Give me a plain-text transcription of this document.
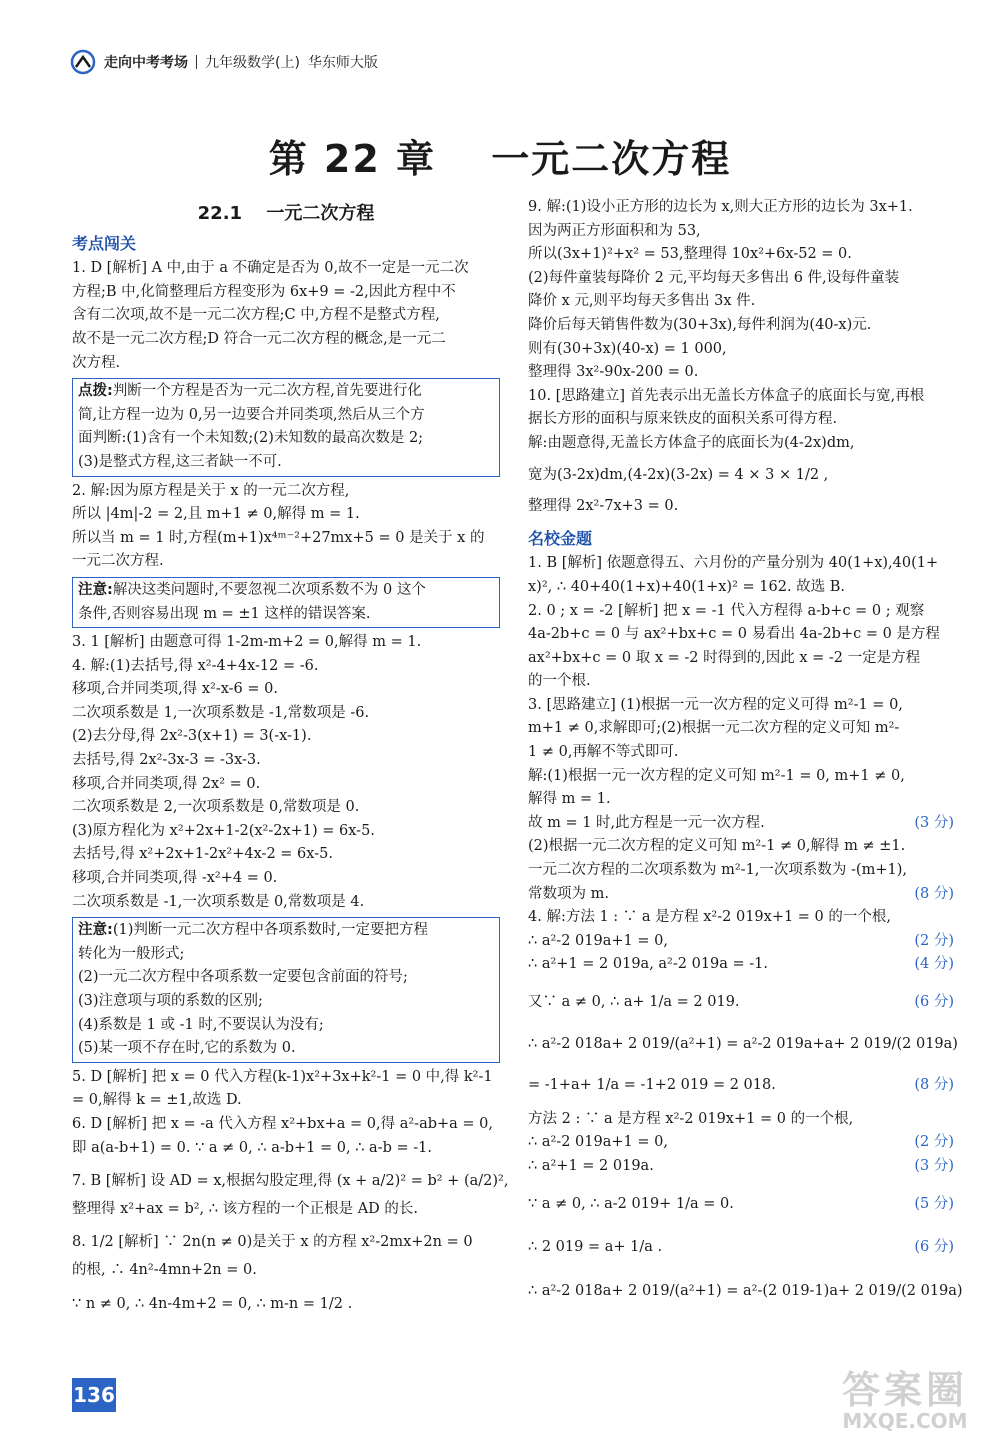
走向中考考场 九年级数学(上) 华东师大版
第 22 章 一元二次方程
22.1 一元二次方程
考点闯关
1. D [解析] A 中,由于 a 不确定是否为 0,故不一定是一元二次
方程;B 中,化简整理后方程变形为 6x+9 = -2,因此方程中不
含有二次项,故不是一元二次方程;C 中,方程不是整式方程,
故不是一元二次方程;D 符合一元二次方程的概念,是一元二
次方程.
点拨:判断一个方程是否为一元二次方程,首先要进行化
简,让方程一边为 0,另一边要合并同类项,然后从三个方
面判断:(1)含有一个未知数;(2)未知数的最高次数是 2;
(3)是整式方程,这三者缺一不可.
2. 解:因为原方程是关于 x 的一元二次方程,
所以 |4m|-2 = 2,且 m+1 ≠ 0,解得 m = 1.
所以当 m = 1 时,方程(m+1)x⁴ᵐ⁻²+27mx+5 = 0 是关于 x 的
一元二次方程.
注意:解决这类问题时,不要忽视二次项系数不为 0 这个
条件,否则容易出现 m = ±1 这样的错误答案.
3. 1 [解析] 由题意可得 1-2m-m+2 = 0,解得 m = 1.
4. 解:(1)去括号,得 x²-4+4x-12 = -6.
移项,合并同类项,得 x²-x-6 = 0.
二次项系数是 1,一次项系数是 -1,常数项是 -6.
(2)去分母,得 2x²-3(x+1) = 3(-x-1).
去括号,得 2x²-3x-3 = -3x-3.
移项,合并同类项,得 2x² = 0.
二次项系数是 2,一次项系数是 0,常数项是 0.
(3)原方程化为 x²+2x+1-2(x²-2x+1) = 6x-5.
去括号,得 x²+2x+1-2x²+4x-2 = 6x-5.
移项,合并同类项,得 -x²+4 = 0.
二次项系数是 -1,一次项系数是 0,常数项是 4.
注意:(1)判断一元二次方程中各项系数时,一定要把方程
转化为一般形式;
(2)一元二次方程中各项系数一定要包含前面的符号;
(3)注意项与项的系数的区别;
(4)系数是 1 或 -1 时,不要误认为没有;
(5)某一项不存在时,它的系数为 0.
5. D [解析] 把 x = 0 代入方程(k-1)x²+3x+k²-1 = 0 中,得 k²-1
= 0,解得 k = ±1,故选 D.
6. D [解析] 把 x = -a 代入方程 x²+bx+a = 0,得 a²-ab+a = 0,
即 a(a-b+1) = 0. ∵ a ≠ 0, ∴ a-b+1 = 0, ∴ a-b = -1.
7. B [解析] 设 AD = x,根据勾股定理,得 (x + a/2)² = b² + (a/2)²,
整理得 x²+ax = b², ∴ 该方程的一个正根是 AD 的长.
8. 1/2 [解析] ∵ 2n(n ≠ 0)是关于 x 的方程 x²-2mx+2n = 0
的根, ∴ 4n²-4mn+2n = 0.
∵ n ≠ 0, ∴ 4n-4m+2 = 0, ∴ m-n = 1/2 .
9. 解:(1)设小正方形的边长为 x,则大正方形的边长为 3x+1.
因为两正方形面积和为 53,
所以(3x+1)²+x² = 53,整理得 10x²+6x-52 = 0.
(2)每件童装每降价 2 元,平均每天多售出 6 件,设每件童装
降价 x 元,则平均每天多售出 3x 件.
降价后每天销售件数为(30+3x),每件利润为(40-x)元.
则有(30+3x)(40-x) = 1 000,
整理得 3x²-90x-200 = 0.
10. [思路建立] 首先表示出无盖长方体盒子的底面长与宽,再根
据长方形的面积与原来铁皮的面积关系可得方程.
解:由题意得,无盖长方体盒子的底面长为(4-2x)dm,
宽为(3-2x)dm,(4-2x)(3-2x) = 4 × 3 × 1/2 ,
整理得 2x²-7x+3 = 0.
名校金题
1. B [解析] 依题意得五、六月份的产量分别为 40(1+x),40(1+
x)², ∴ 40+40(1+x)+40(1+x)² = 162. 故选 B.
2. 0 ; x = -2 [解析] 把 x = -1 代入方程得 a-b+c = 0 ; 观察
4a-2b+c = 0 与 ax²+bx+c = 0 易看出 4a-2b+c = 0 是方程
ax²+bx+c = 0 取 x = -2 时得到的,因此 x = -2 一定是方程
的一个根.
3. [思路建立] (1)根据一元一次方程的定义可得 m²-1 = 0,
m+1 ≠ 0,求解即可;(2)根据一元二次方程的定义可知 m²-
1 ≠ 0,再解不等式即可.
解:(1)根据一元一次方程的定义可知 m²-1 = 0, m+1 ≠ 0,
解得 m = 1.
故 m = 1 时,此方程是一元一次方程.	(3 分)
(2)根据一元二次方程的定义可知 m²-1 ≠ 0,解得 m ≠ ±1.
一元二次方程的二次项系数为 m²-1,一次项系数为 -(m+1),
常数项为 m.	(8 分)
4. 解:方法 1 : ∵ a 是方程 x²-2 019x+1 = 0 的一个根,
∴ a²-2 019a+1 = 0,	(2 分)
∴ a²+1 = 2 019a, a²-2 019a = -1.	(4 分)
又∵ a ≠ 0, ∴ a+ 1/a = 2 019.	(6 分)
∴ a²-2 018a+ 2 019/(a²+1) = a²-2 019a+a+ 2 019/(2 019a)
= -1+a+ 1/a = -1+2 019 = 2 018.	(8 分)
方法 2 : ∵ a 是方程 x²-2 019x+1 = 0 的一个根,
∴ a²-2 019a+1 = 0,	(2 分)
∴ a²+1 = 2 019a.	(3 分)
∵ a ≠ 0, ∴ a-2 019+ 1/a = 0.	(5 分)
∴ 2 019 = a+ 1/a .	(6 分)
∴ a²-2 018a+ 2 019/(a²+1) = a²-(2 019-1)a+ 2 019/(2 019a)
136	答案圈
MXQE.COM
